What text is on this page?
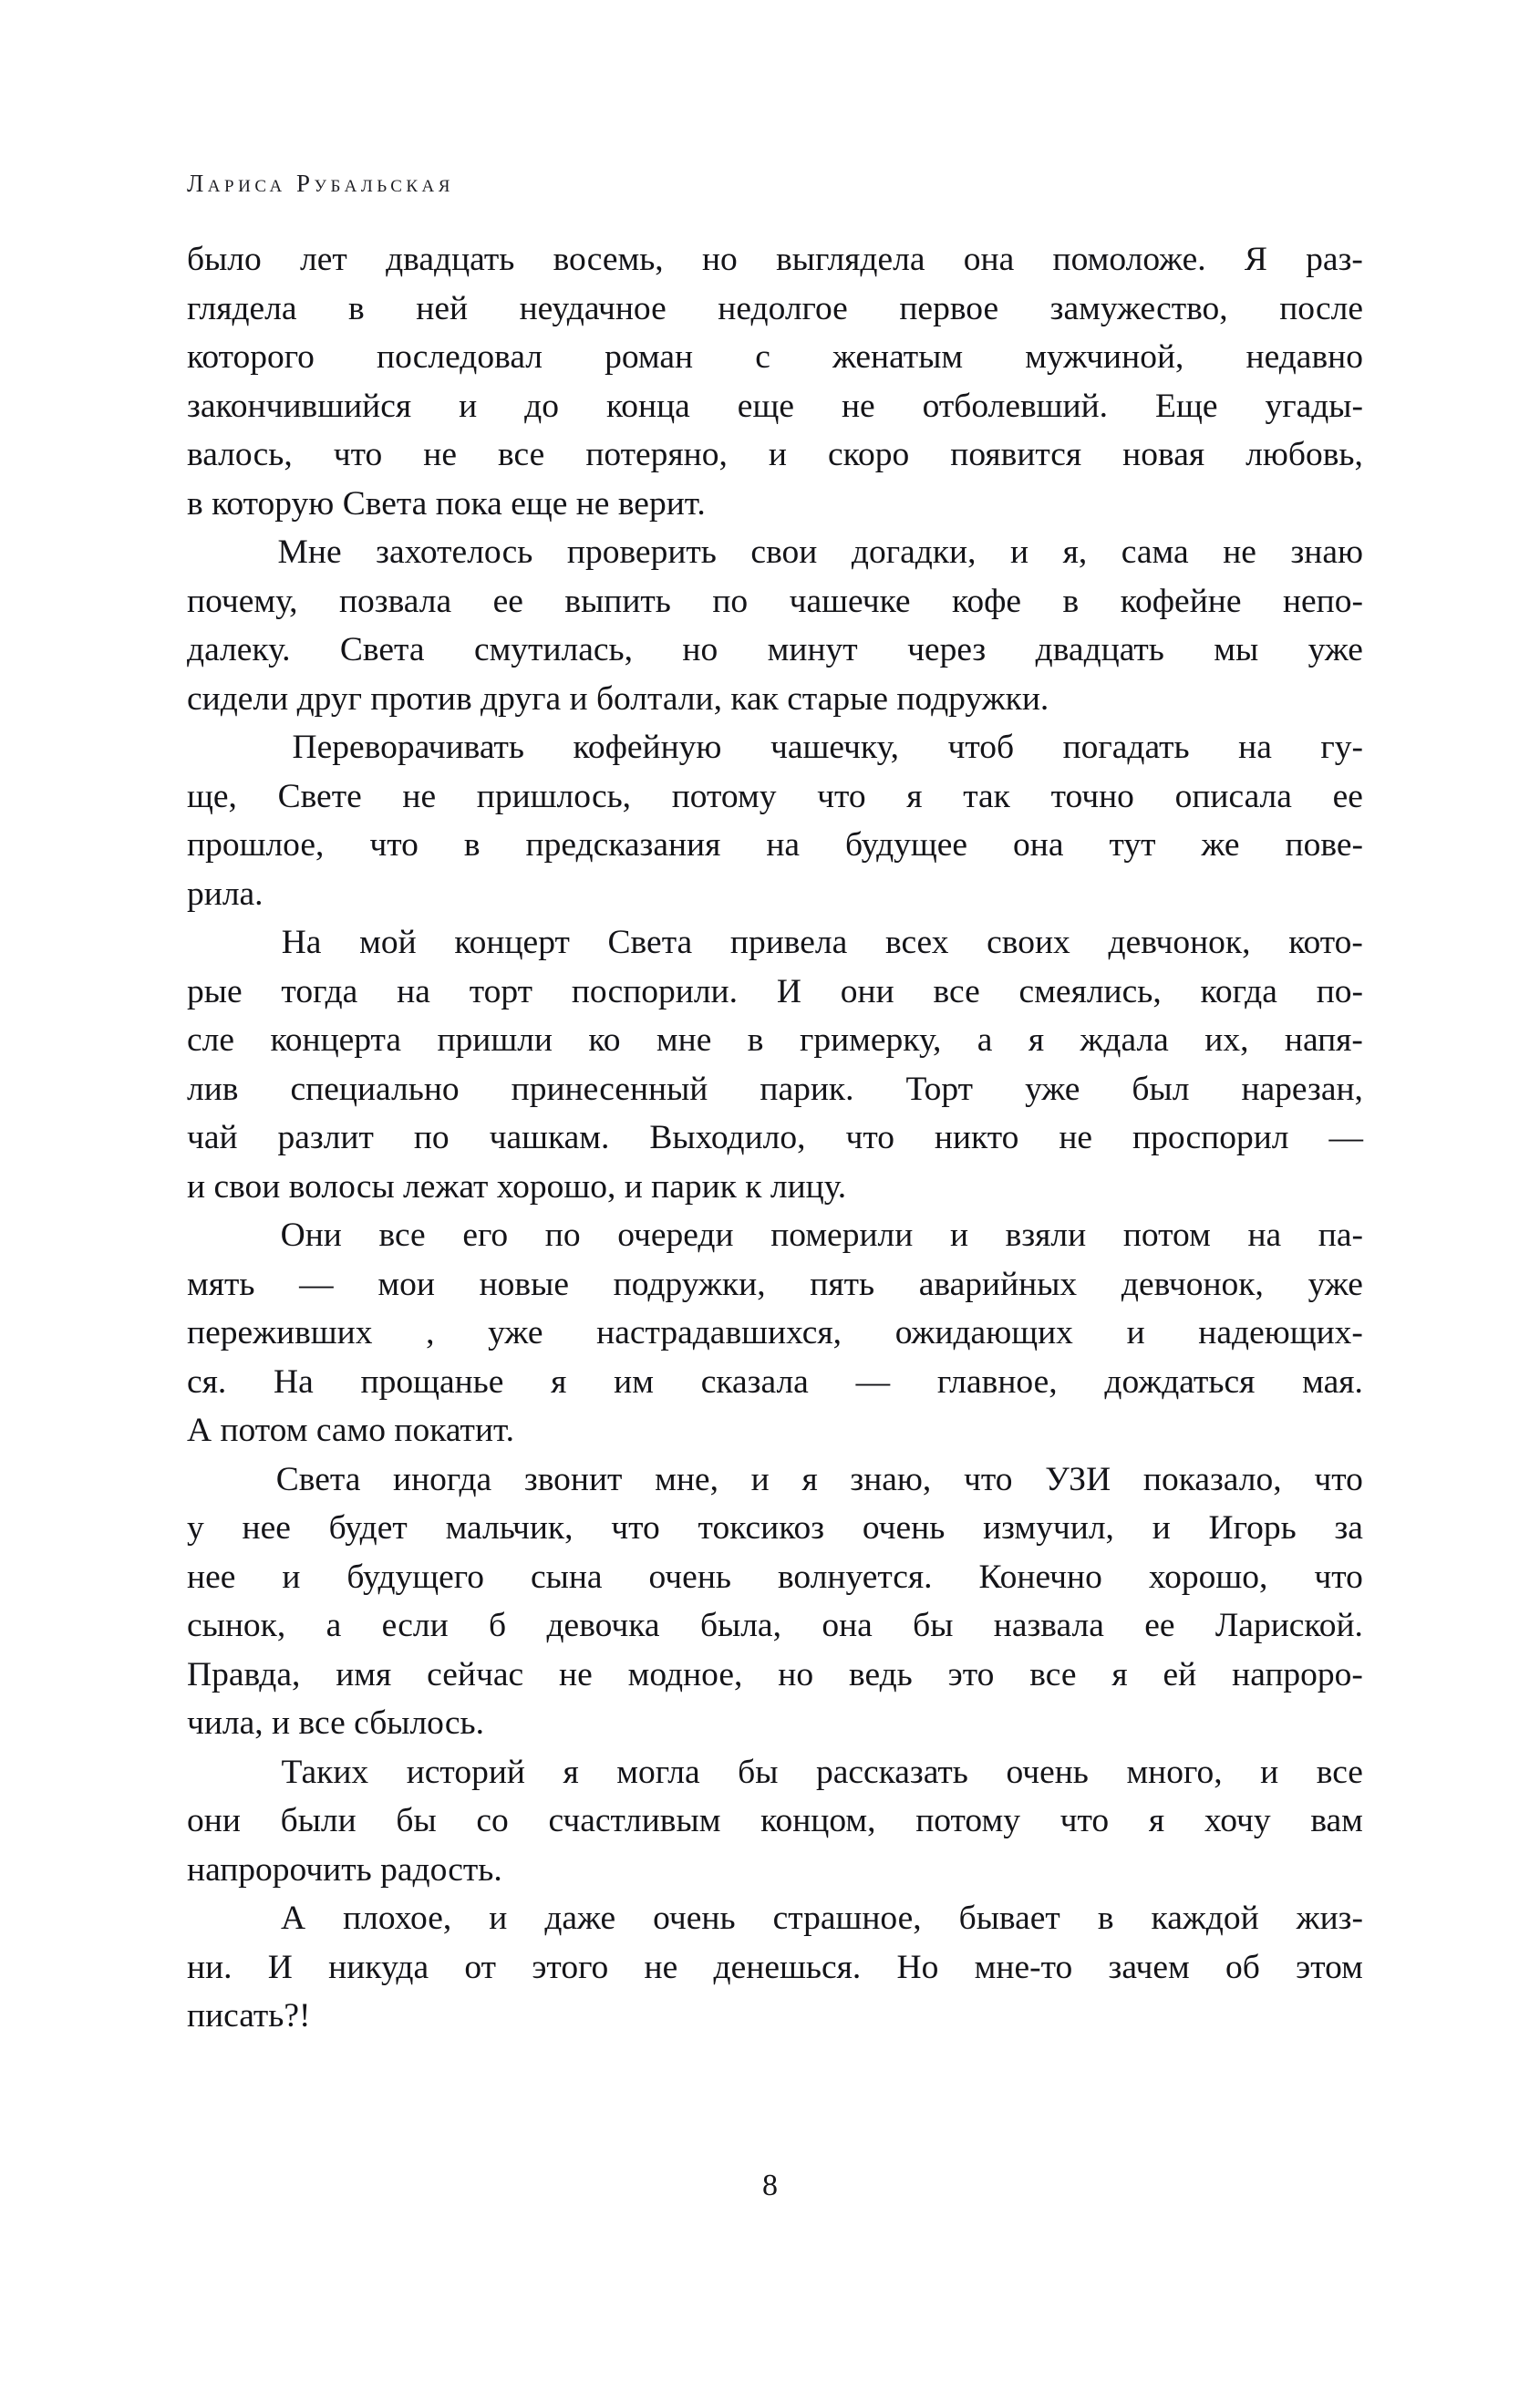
Лариса Рубальская

было лет двадцать восемь, но выглядела она помоложе. Я раз-
глядела в ней неудачное недолгое первое замужество, после
которого последовал роман с женатым мужчиной, недавно
закончившийся и до конца еще не отболевший. Еще угады-
валось, что не все потеряно, и скоро появится новая любовь,
в которую Света пока еще не верит.

Мне захотелось проверить свои догадки, и я, сама не знаю
почему, позвала ее выпить по чашечке кофе в кофейне непо-
далеку. Света смутилась, но минут через двадцать мы уже
сидели друг против друга и болтали, как старые подружки.

Переворачивать кофейную чашечку, чтоб погадать на гу-
ще, Свете не пришлось, потому что я так точно описала ее
прошлое, что в предсказания на будущее она тут же пове-
рила.

На мой концерт Света привела всех своих девчонок, кото-
рые тогда на торт поспорили. И они все смеялись, когда по-
сле концерта пришли ко мне в гримерку, а я ждала их, напя-
лив специально принесенный парик. Торт уже был нарезан,
чай разлит по чашкам. Выходило, что никто не проспорил —
и свои волосы лежат хорошо, и парик к лицу.

Они все его по очереди померили и взяли потом на па-
мять — мои новые подружки, пять аварийных девчонок, уже
переживших , уже настрадавшихся, ожидающих и надеющих-
ся. На прощанье я им сказала — главное, дождаться мая.
А потом само покатит.

Света иногда звонит мне, и я знаю, что УЗИ показало, что
у нее будет мальчик, что токсикоз очень измучил, и Игорь за
нее и будущего сына очень волнуется. Конечно хорошо, что
сынок, а если б девочка была, она бы назвала ее Лариской.
Правда, имя сейчас не модное, но ведь это все я ей напроро-
чила, и все сбылось.

Таких историй я могла бы рассказать очень много, и все
они были бы со счастливым концом, потому что я хочу вам
напророчить радость.

А плохое, и даже очень страшное, бывает в каждой жиз-
ни. И никуда от этого не денешься. Но мне-то зачем об этом
писать?!

8
